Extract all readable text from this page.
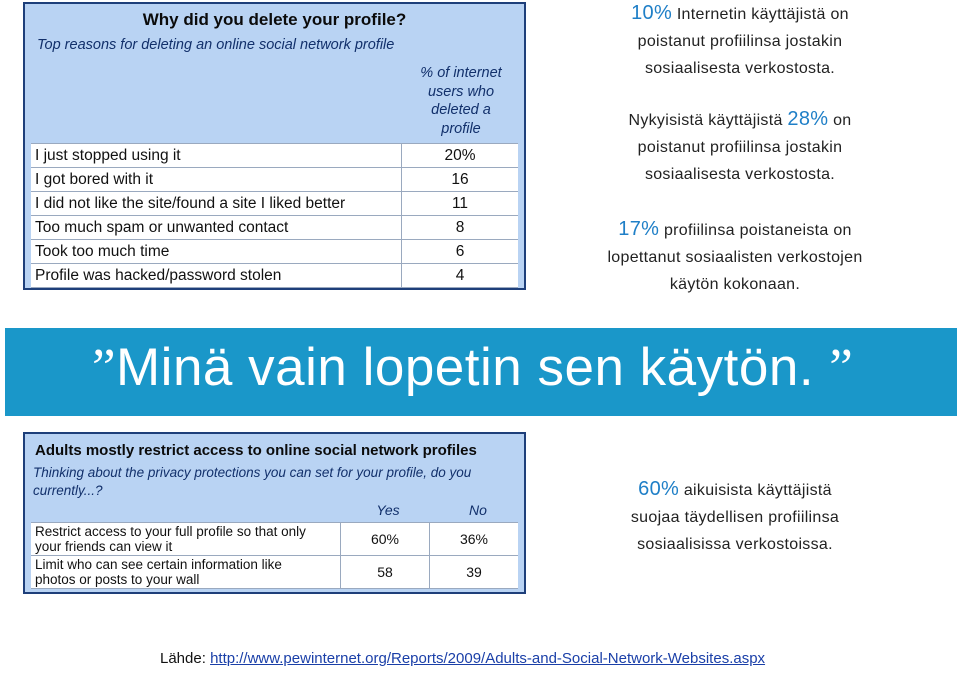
Why did you delete your profile?
Top reasons for deleting an online social network profile
% of internet
users who
deleted a
profile
I just stopped using it	20%
I got bored with it	16
I did not like the site/found a site I liked better	11
Too much spam or unwanted contact	8
Took too much time	6
Profile was hacked/password stolen	4
10% Internetin käyttäjistä on
poistanut profiilinsa jostakin
sosiaalisesta verkostosta.
Nykyisistä käyttäjistä 28% on
poistanut profiilinsa jostakin
sosiaalisesta verkostosta.
17% profiilinsa poistaneista on
lopettanut sosiaalisten verkostojen
käytön kokonaan.
”Minä vain lopetin sen käytön. ”
Adults mostly restrict access to online social network profiles
Thinking about the privacy protections you can set for your profile, do you
currently...?
Yes	No
Restrict access to your full profile so that only
your friends can view it	60%	36%
Limit who can see certain information like
photos or posts to your wall	58	39
60% aikuisista käyttäjistä
suojaa täydellisen profiilinsa
sosiaalisissa verkostoissa.
Lähde: http://www.pewinternet.org/Reports/2009/Adults-and-Social-Network-Websites.aspx
